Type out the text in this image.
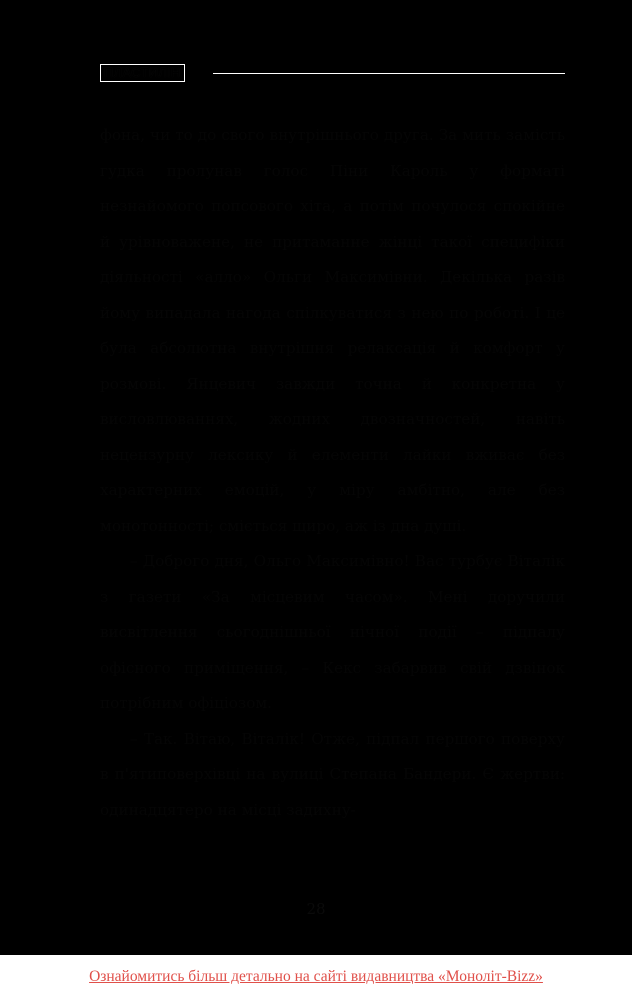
ПЛАСТИЛІН

фона, чи то до свого внутрішнього друга. За мить замість гудка пролунав голос Піни Кароль у форматі незнайомого попсового хіта, а потім почулося спокійне й урівноважене, не притаманне жінці такої специфіки діяльності «алло» Ольги Максимівни. Декілька разів йому випадала нагода спілкуватися з нею по роботі. І це була абсолютна внутрішня релаксація й комфорт у розмові. Янцевич завжди точна й конкретна у висловлюваннях, жодних двозначностей, навіть нецензурну лексику й елементи лайки вживає без характерних емоцій, у міру амбітно, але без монотонності; сміється щиро, аж із дна душі.

– Доброго дня, Ольго Максимівно! Вас турбує Віталік з газети «За місцевим часом». Мені доручили висвітлення сьогоднішньої нічної події – підпалу офісного приміщення, – Кекс забарвив свій дзвінок потрібним офіціозом.

– Так. Вітаю, Віталік! Отже, підпал першого поверху в п'ятиповерхівці на вулиці Степана Бандери. Є жертви: одинадцятеро на місці задихну-

28
Ознайомитись більш детально на сайті видавництва «Моноліт-Bizz»
